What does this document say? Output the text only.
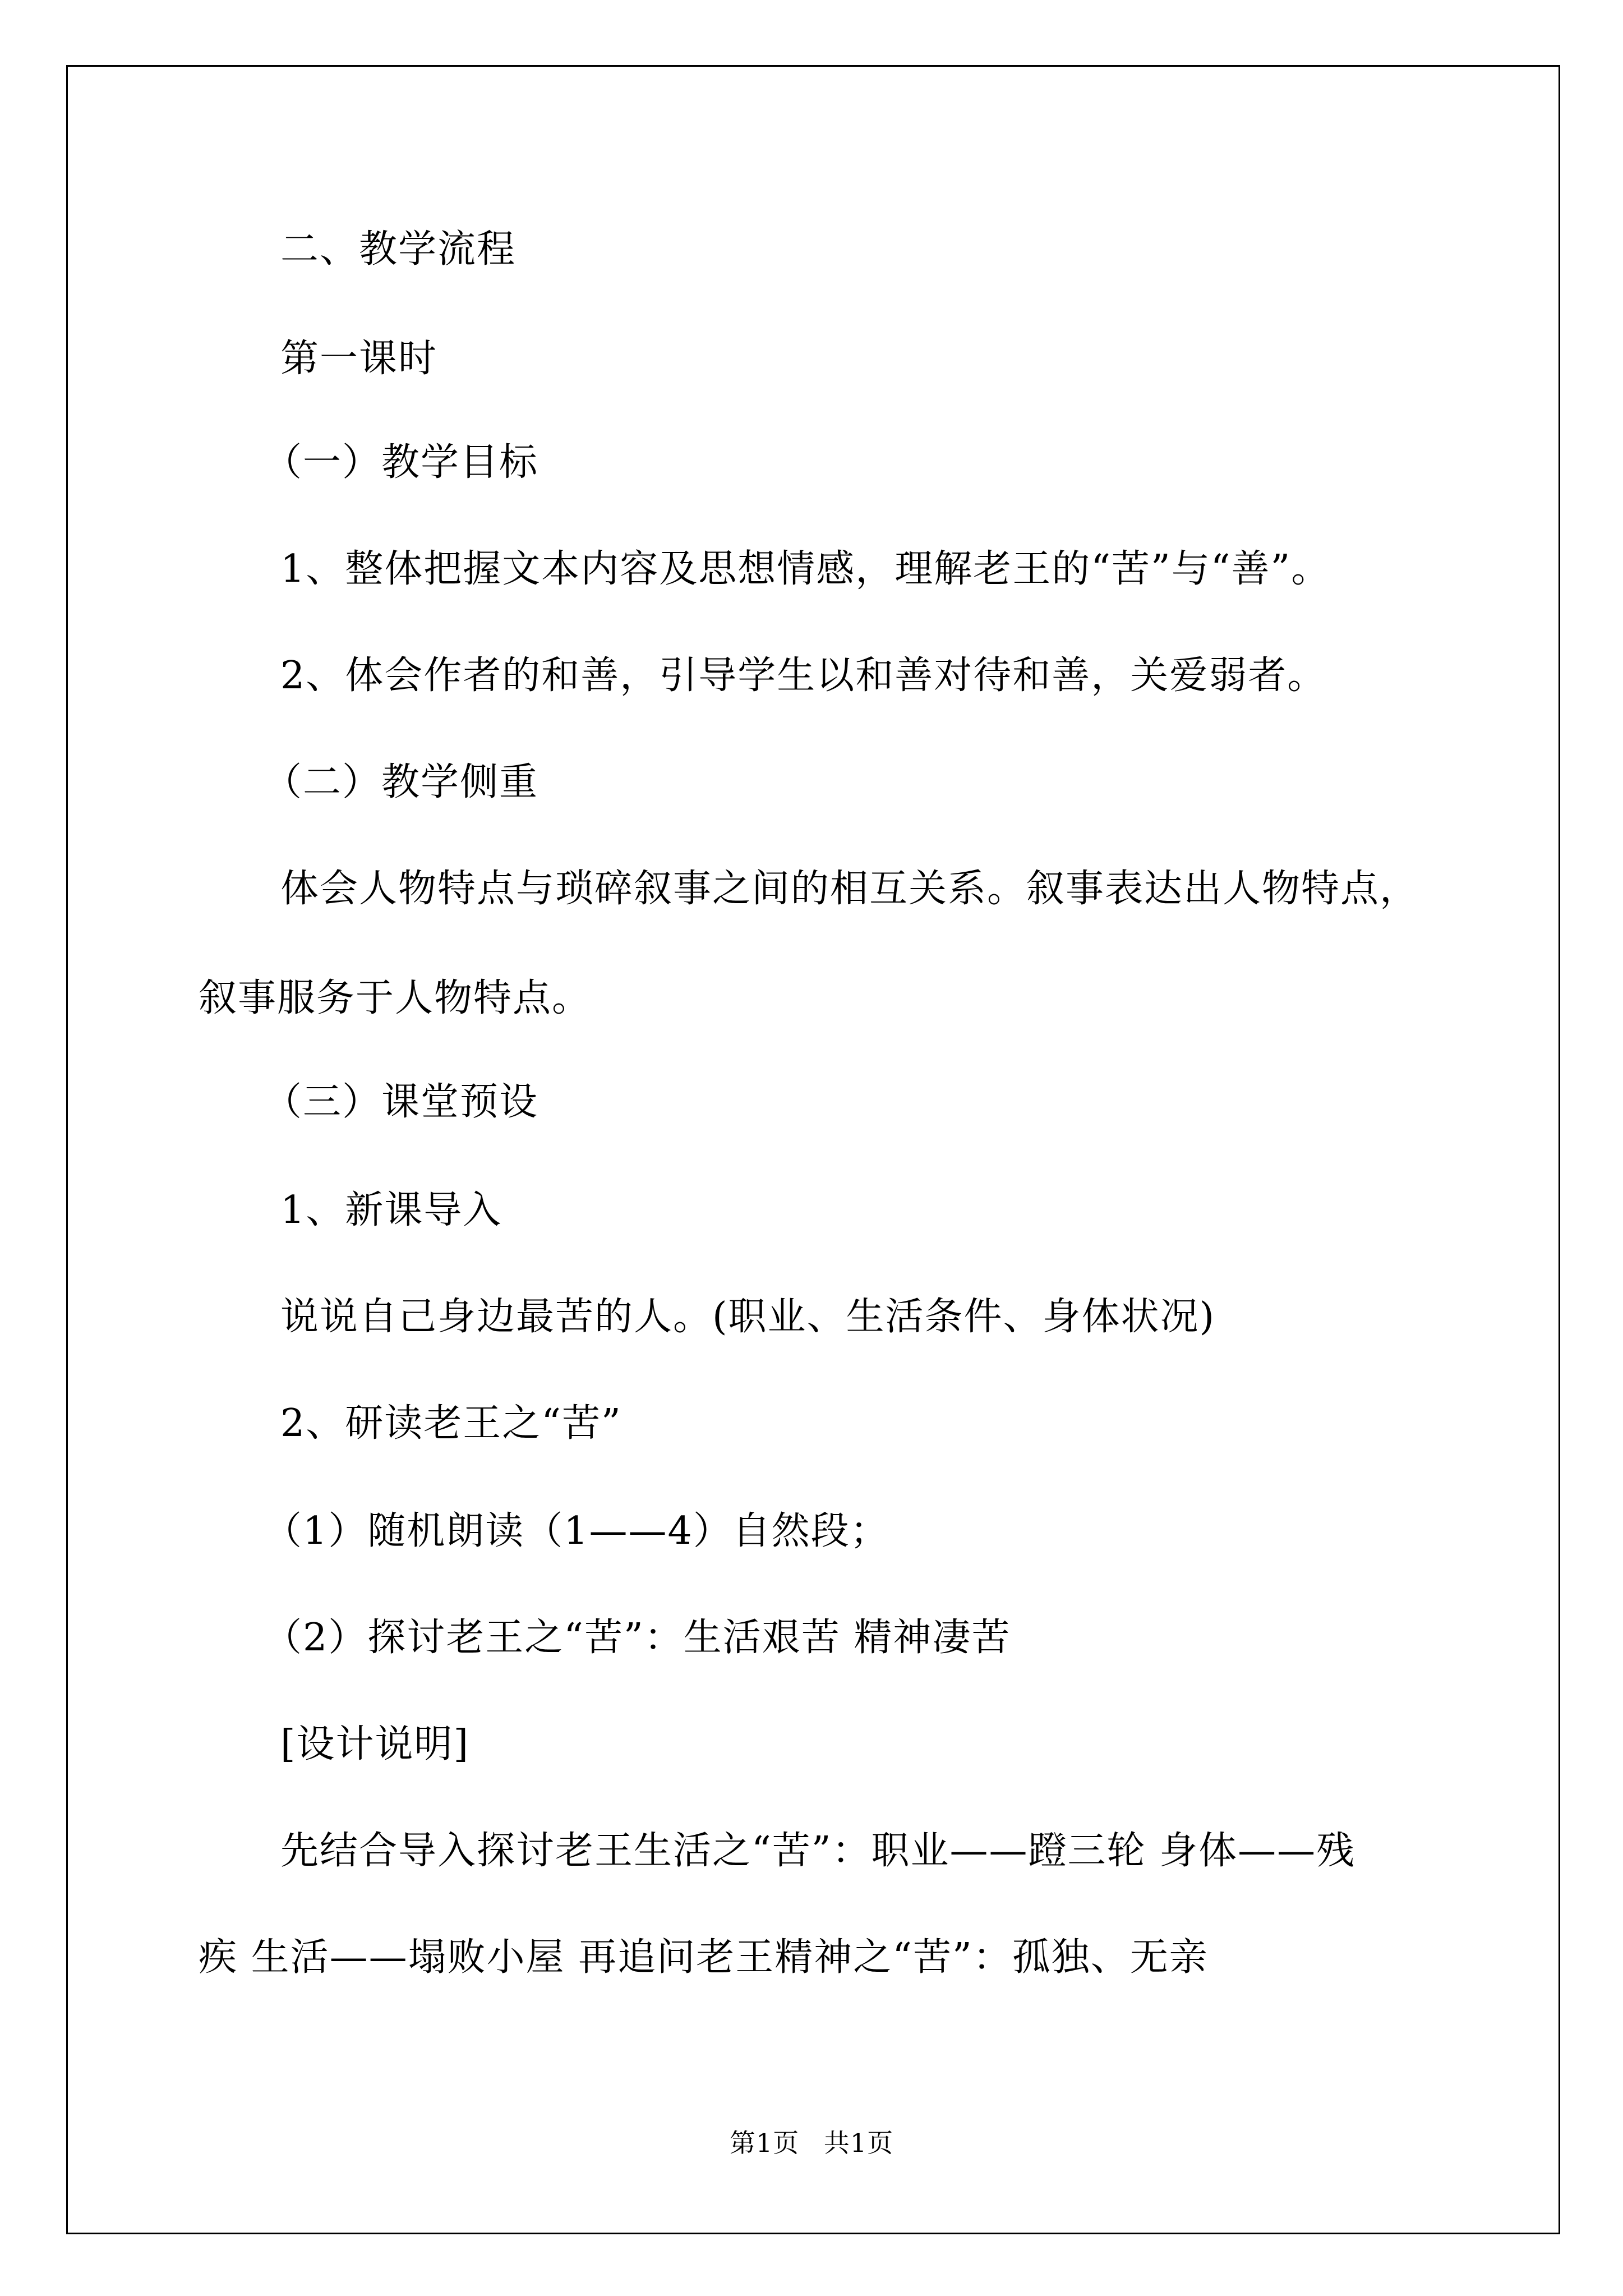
二、教学流程
第一课时
（一）教学目标
1、整体把握文本内容及思想情感，理解老王的“苦”与“善”。
2、体会作者的和善，引导学生以和善对待和善，关爱弱者。
（二）教学侧重
体会人物特点与琐碎叙事之间的相互关系。叙事表达出人物特点，
叙事服务于人物特点。
（三）课堂预设
1、新课导入
说说自己身边最苦的人。(职业、生活条件、身体状况)
2、研读老王之“苦”
（1）随机朗读（1——4）自然段；
（2）探讨老王之“苦”：生活艰苦 精神凄苦
[设计说明]
先结合导入探讨老王生活之“苦”：职业——蹬三轮 身体——残
疾 生活——塌败小屋 再追问老王精神之“苦”：孤独、无亲
第1页 共1页
